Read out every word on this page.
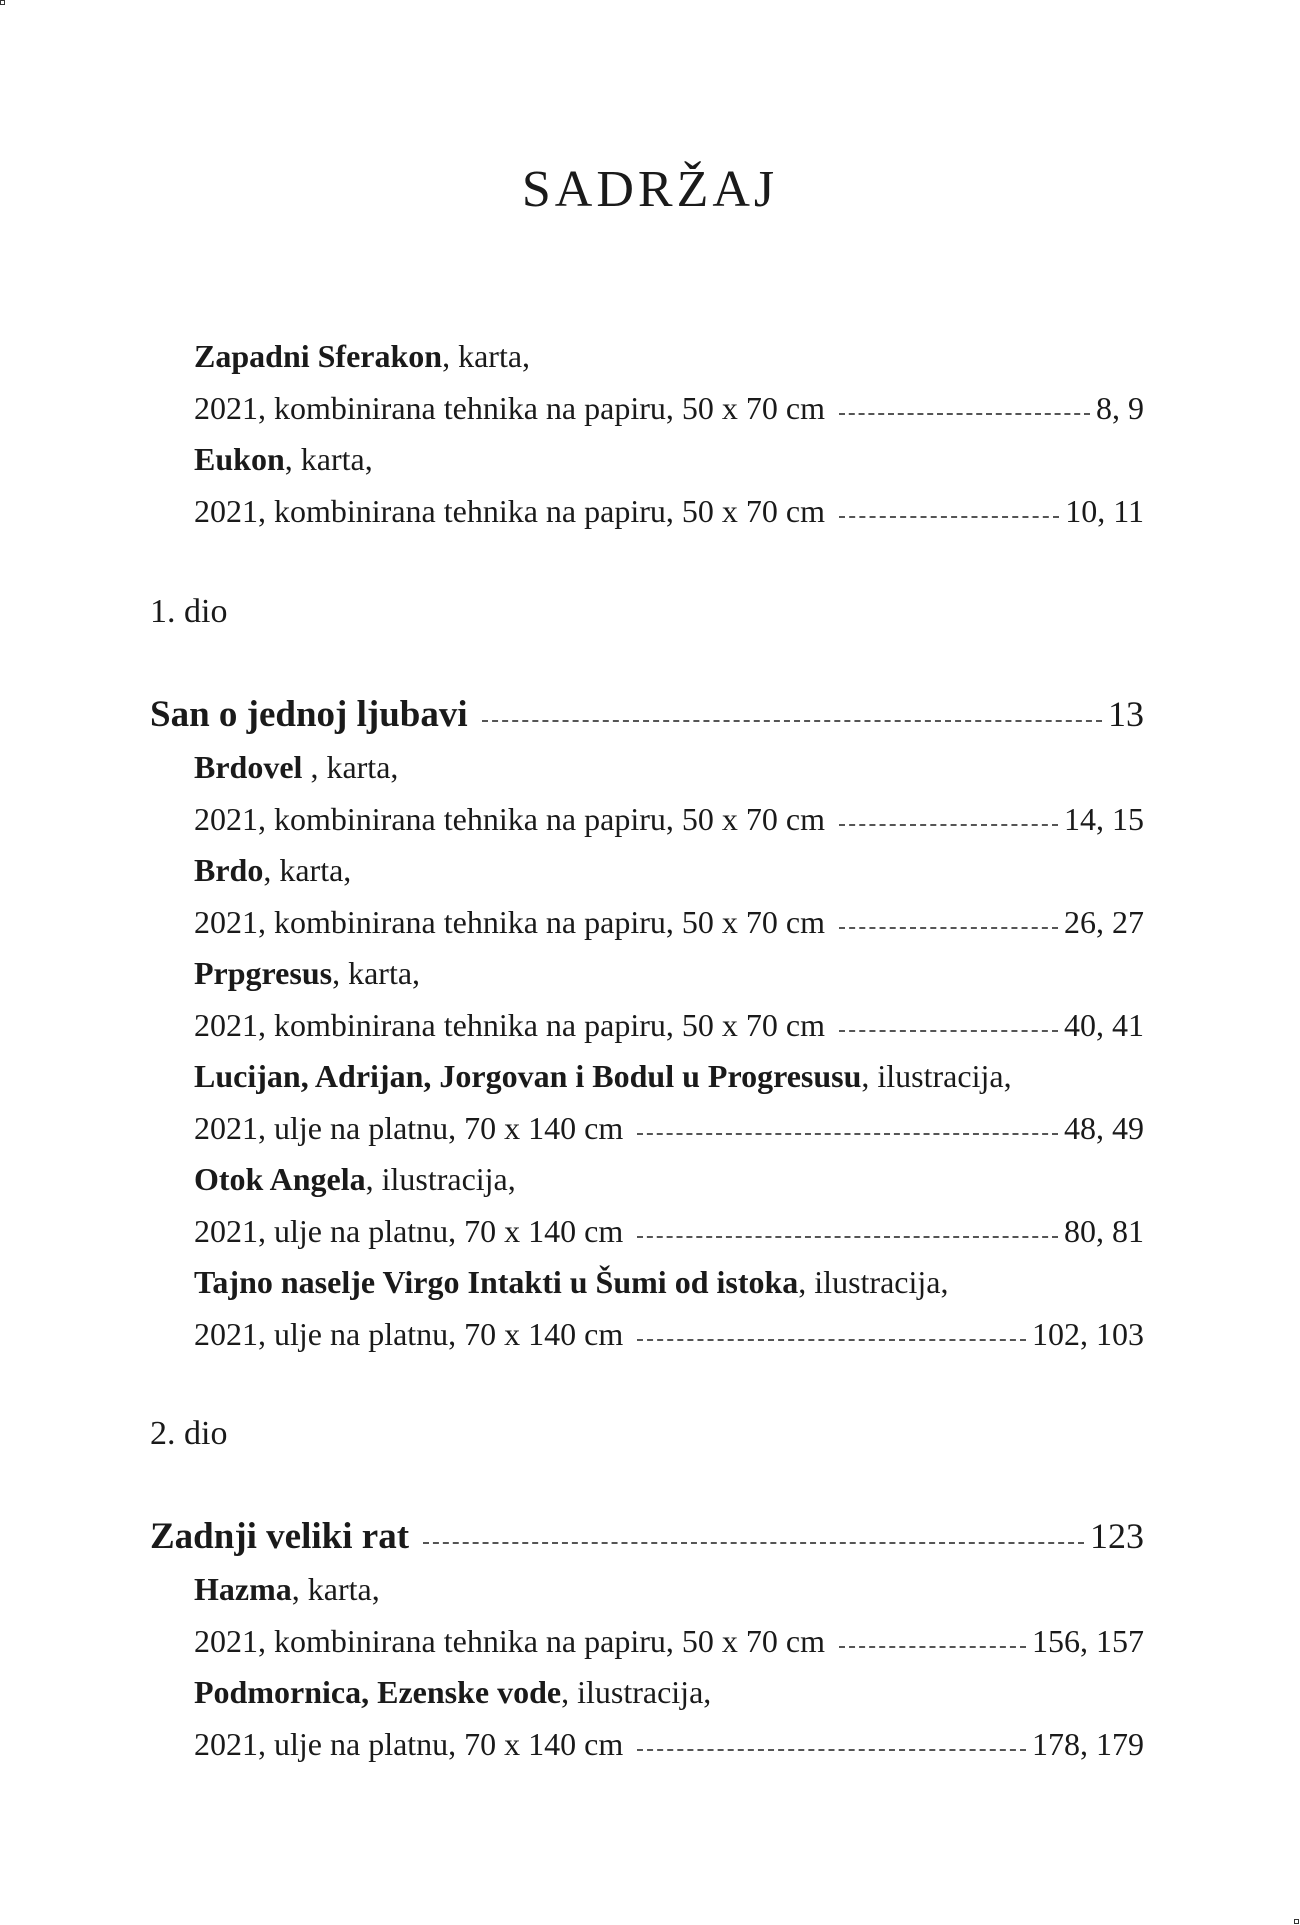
SADRŽAJ
Zapadni Sferakon, karta,
2021, kombinirana tehnika na papiru, 50 x 70 cm	8, 9
Eukon, karta,
2021, kombinirana tehnika na papiru, 50 x 70 cm	10, 11
1. dio
San o jednoj ljubavi	13
Brdovel , karta,
2021, kombinirana tehnika na papiru, 50 x 70 cm	14, 15
Brdo, karta,
2021, kombinirana tehnika na papiru, 50 x 70 cm	26, 27
Prpgresus, karta,
2021, kombinirana tehnika na papiru, 50 x 70 cm	40, 41
Lucijan, Adrijan, Jorgovan i Bodul u Progresusu, ilustracija,
2021, ulje na platnu, 70 x 140 cm	48, 49
Otok Angela, ilustracija,
2021, ulje na platnu, 70 x 140 cm	80, 81
Tajno naselje Virgo Intakti u Šumi od istoka, ilustracija,
2021, ulje na platnu, 70 x 140 cm	102, 103
2. dio
Zadnji veliki rat	123
Hazma, karta,
2021, kombinirana tehnika na papiru, 50 x 70 cm	156, 157
Podmornica, Ezenske vode, ilustracija,
2021, ulje na platnu, 70 x 140 cm	178, 179
